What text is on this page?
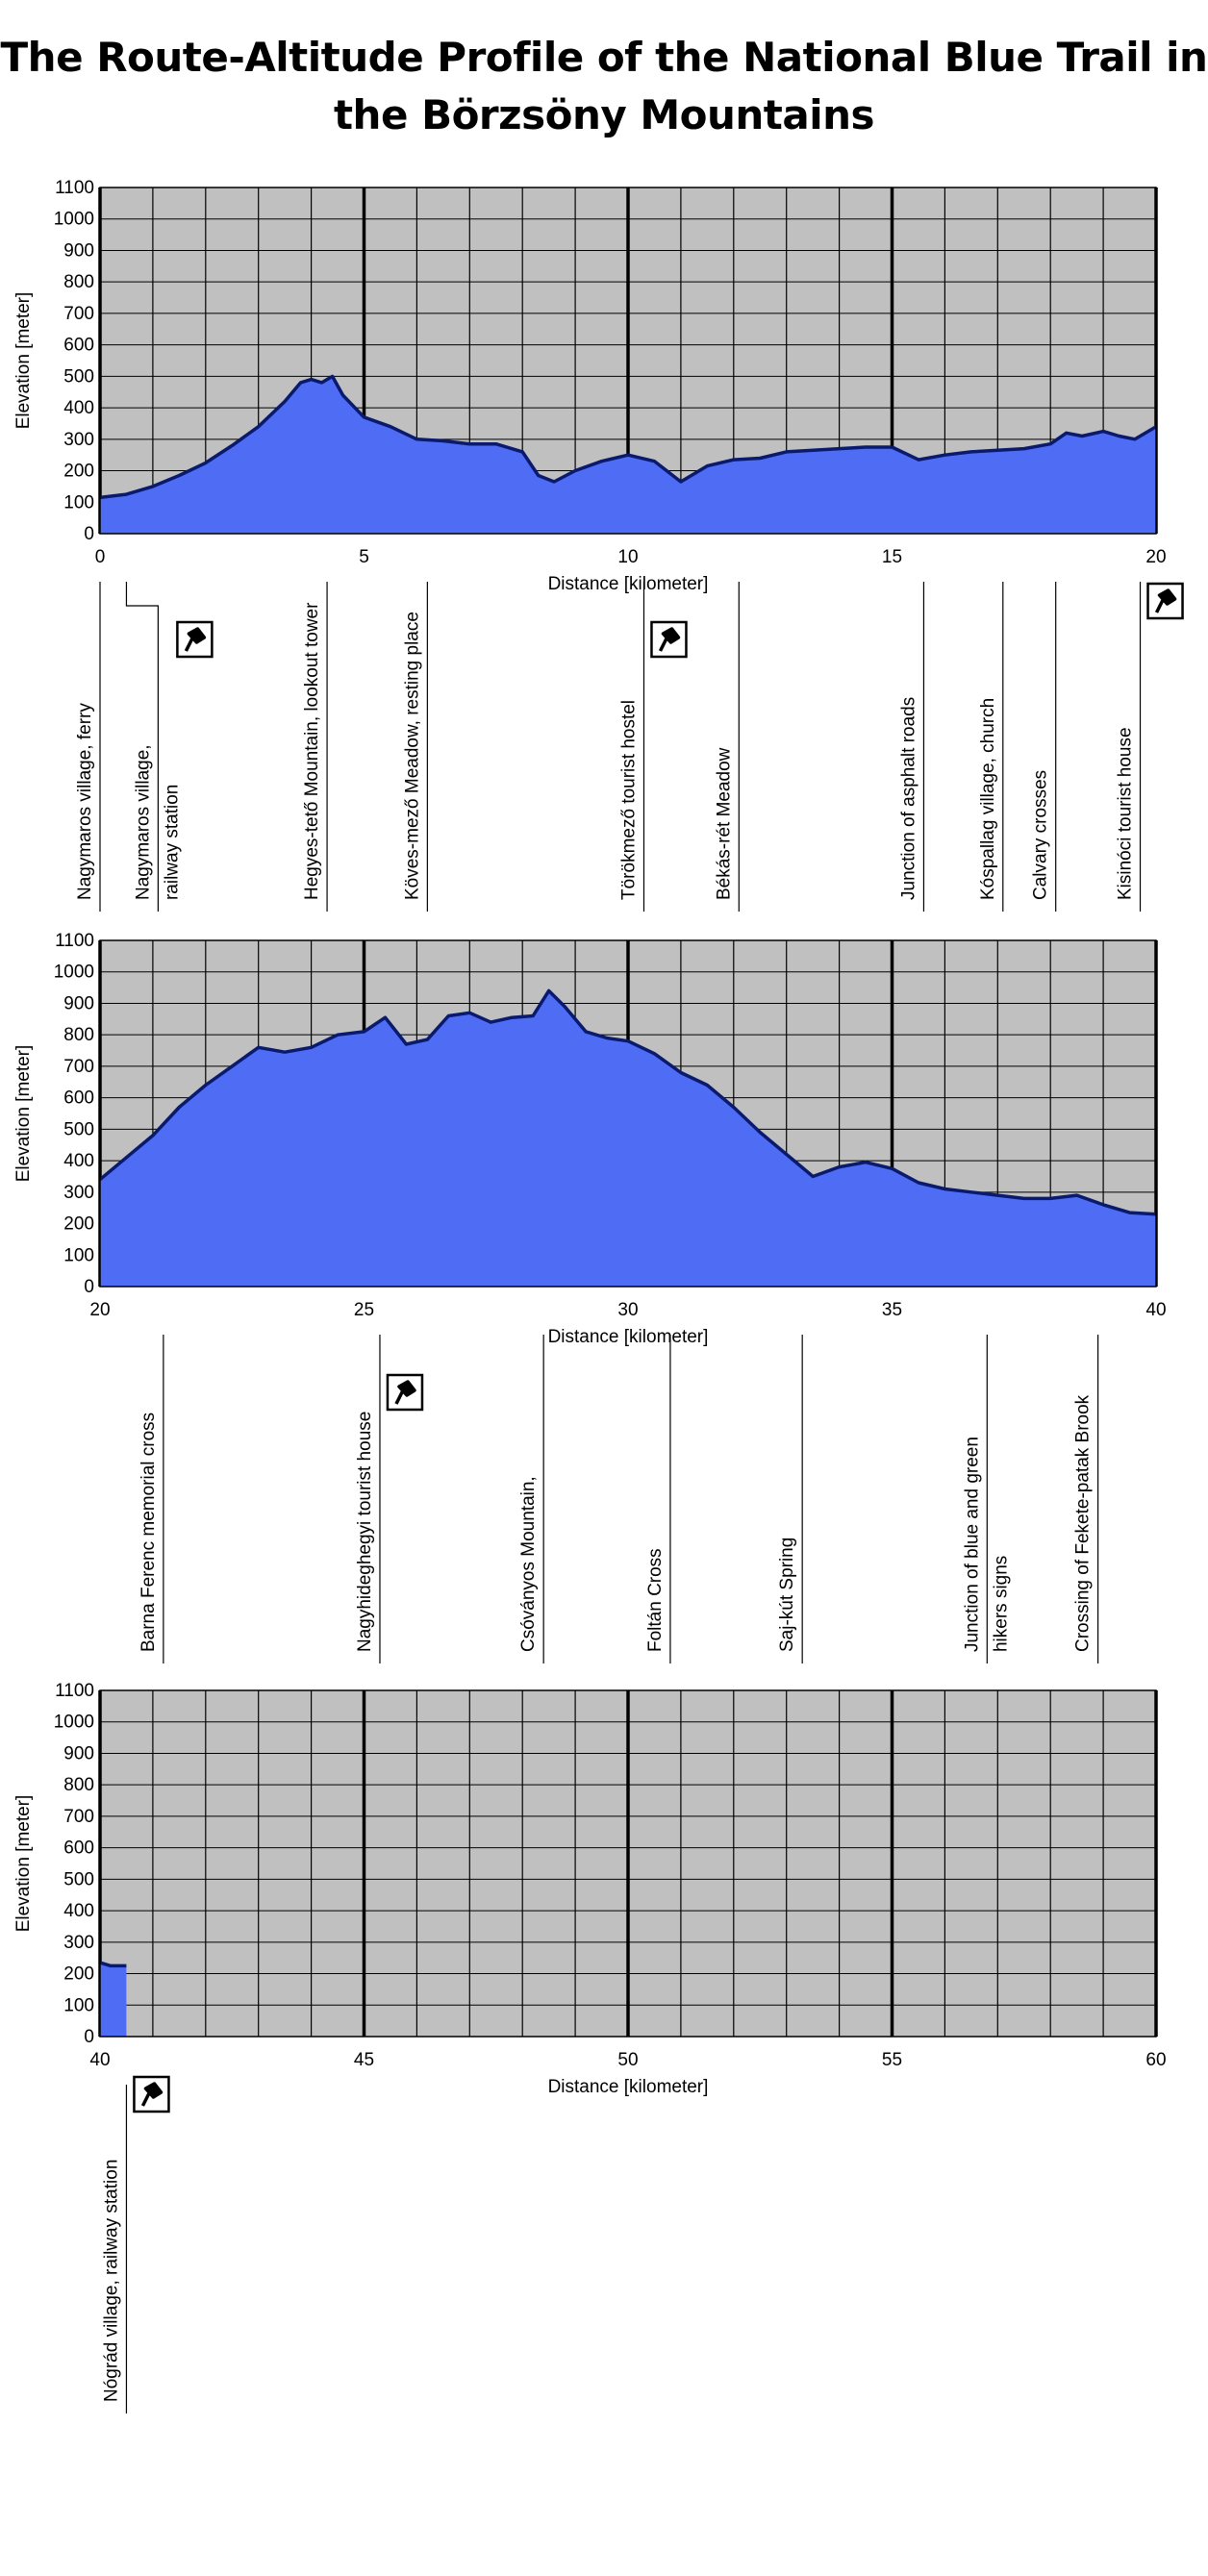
The Route-Altitude Profile of the National Blue Trail in
the Börzsöny Mountains
0
100
200
300
400
500
600
700
800
900
1000
1100
0	5	10	15	20
Distance [kilometer]
Elevation [meter]
Nagymaros village, ferry Nagymaros village, railway station	Hegyes-tető Mountain, lookout tower	Köves-mező Meadow, resting place	Törökmező tourist hostel	Békás-rét Meadow	Junction of asphalt roads	Kóspallag village, church Calvary crosses	Kisinóci tourist house
0
100
200
300
400
500
600
700
800
900
1000
1100
20	25	30	35	40
Distance [kilometer]
Elevation [meter]
Barna Ferenc memorial cross	Nagyhideghegyi tourist house	Csóványos Mountain,	Foltán Cross	Saj-kút Spring	Junction of blue and green hikers signs	Crossing of Fekete-patak Brook
0
100
200
300
400
500
600
700
800
900
1000
1100
40	45	50	55	60
Distance [kilometer]
Elevation [meter]
Nógrád village, railway station
